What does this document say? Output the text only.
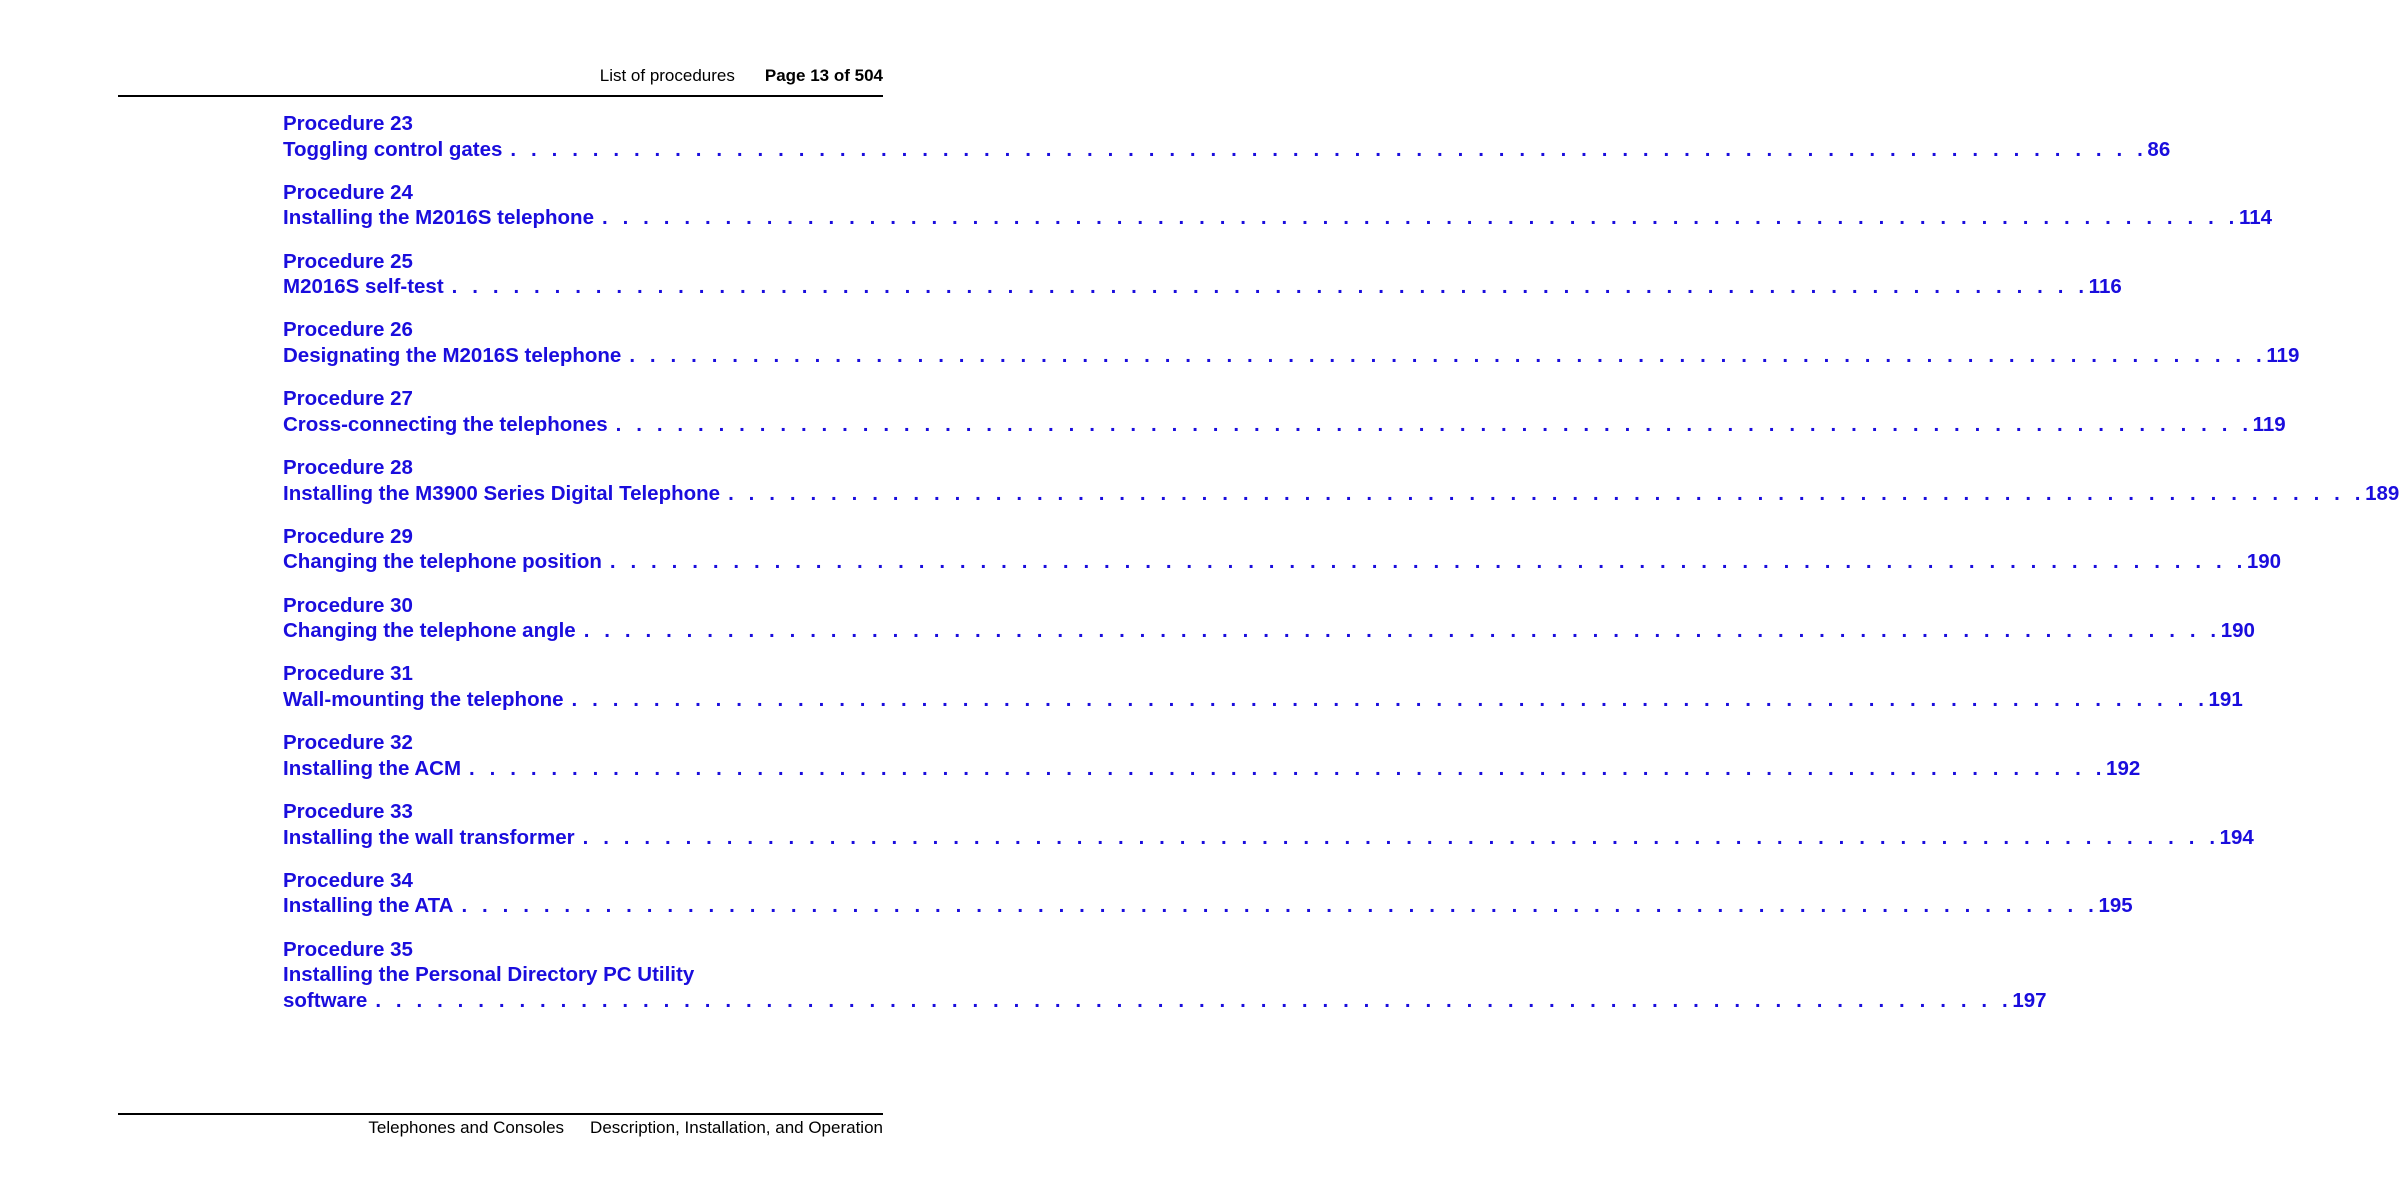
List of procedures Page 13 of 504
Procedure 23
Toggling control gates . . . . . . . . . . . . . . . . . . . . . . . . . . . . . . . . . . . . . . . . . . . . . . . . . . . . . . . . . . . . . . . . . . . . . . . . . . . . . . . . 86
Procedure 24
Installing the M2016S telephone . . . . . . . . . . . . . . . . . . . . . . . . . . . . . . . . . . . . . . . . . . . . . . . . . . . . . . . . . . . . . . . . . . . . . . . . . . . . . . . . 114
Procedure 25
M2016S self-test . . . . . . . . . . . . . . . . . . . . . . . . . . . . . . . . . . . . . . . . . . . . . . . . . . . . . . . . . . . . . . . . . . . . . . . . . . . . . . . . 116
Procedure 26
Designating the M2016S telephone . . . . . . . . . . . . . . . . . . . . . . . . . . . . . . . . . . . . . . . . . . . . . . . . . . . . . . . . . . . . . . . . . . . . . . . . . . . . . . . . 119
Procedure 27
Cross-connecting the telephones . . . . . . . . . . . . . . . . . . . . . . . . . . . . . . . . . . . . . . . . . . . . . . . . . . . . . . . . . . . . . . . . . . . . . . . . . . . . . . . . 119
Procedure 28
Installing the M3900 Series Digital Telephone . . . . . . . . . . . . . . . . . . . . . . . . . . . . . . . . . . . . . . . . . . . . . . . . . . . . . . . . . . . . . . . . . . . . . . . . . . . . . . . . 189
Procedure 29
Changing the telephone position . . . . . . . . . . . . . . . . . . . . . . . . . . . . . . . . . . . . . . . . . . . . . . . . . . . . . . . . . . . . . . . . . . . . . . . . . . . . . . . . 190
Procedure 30
Changing the telephone angle . . . . . . . . . . . . . . . . . . . . . . . . . . . . . . . . . . . . . . . . . . . . . . . . . . . . . . . . . . . . . . . . . . . . . . . . . . . . . . . . 190
Procedure 31
Wall-mounting the telephone . . . . . . . . . . . . . . . . . . . . . . . . . . . . . . . . . . . . . . . . . . . . . . . . . . . . . . . . . . . . . . . . . . . . . . . . . . . . . . . . 191
Procedure 32
Installing the ACM . . . . . . . . . . . . . . . . . . . . . . . . . . . . . . . . . . . . . . . . . . . . . . . . . . . . . . . . . . . . . . . . . . . . . . . . . . . . . . . . 192
Procedure 33
Installing the wall transformer . . . . . . . . . . . . . . . . . . . . . . . . . . . . . . . . . . . . . . . . . . . . . . . . . . . . . . . . . . . . . . . . . . . . . . . . . . . . . . . . 194
Procedure 34
Installing the ATA . . . . . . . . . . . . . . . . . . . . . . . . . . . . . . . . . . . . . . . . . . . . . . . . . . . . . . . . . . . . . . . . . . . . . . . . . . . . . . . . 195
Procedure 35
Installing the Personal Directory PC Utility
software . . . . . . . . . . . . . . . . . . . . . . . . . . . . . . . . . . . . . . . . . . . . . . . . . . . . . . . . . . . . . . . . . . . . . . . . . . . . . . . . 197
Telephones and Consoles Description, Installation, and Operation
